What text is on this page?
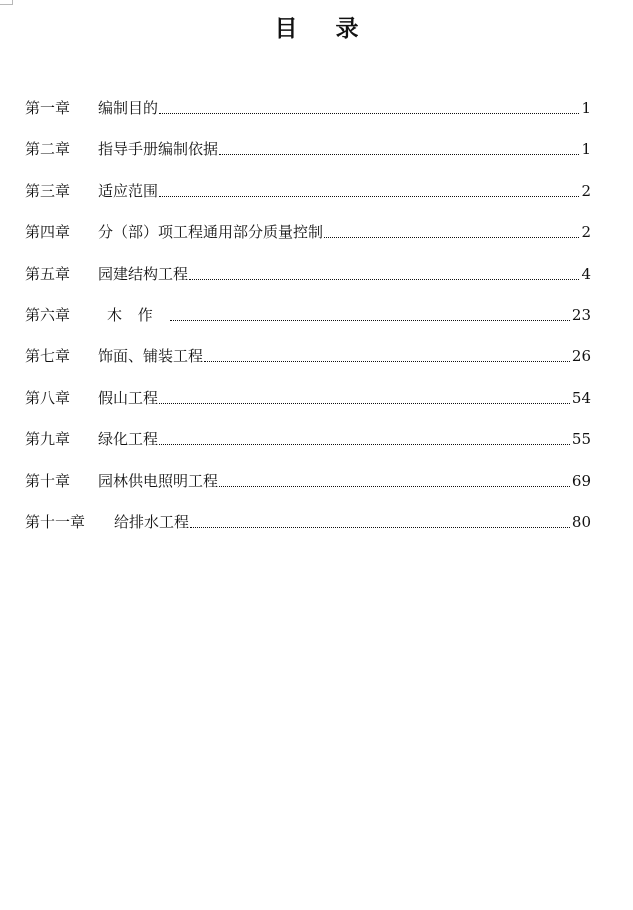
目 录
第一章	编制目的	1
第二章	指导手册编制依据	1
第三章	适应范围	2
第四章	分（部）项工程通用部分质量控制	2
第五章	园建结构工程	4
第六章	木作	23
第七章	饰面、铺装工程	26
第八章	假山工程	54
第九章	绿化工程	55
第十章	园林供电照明工程	69
第十一章	给排水工程	80
